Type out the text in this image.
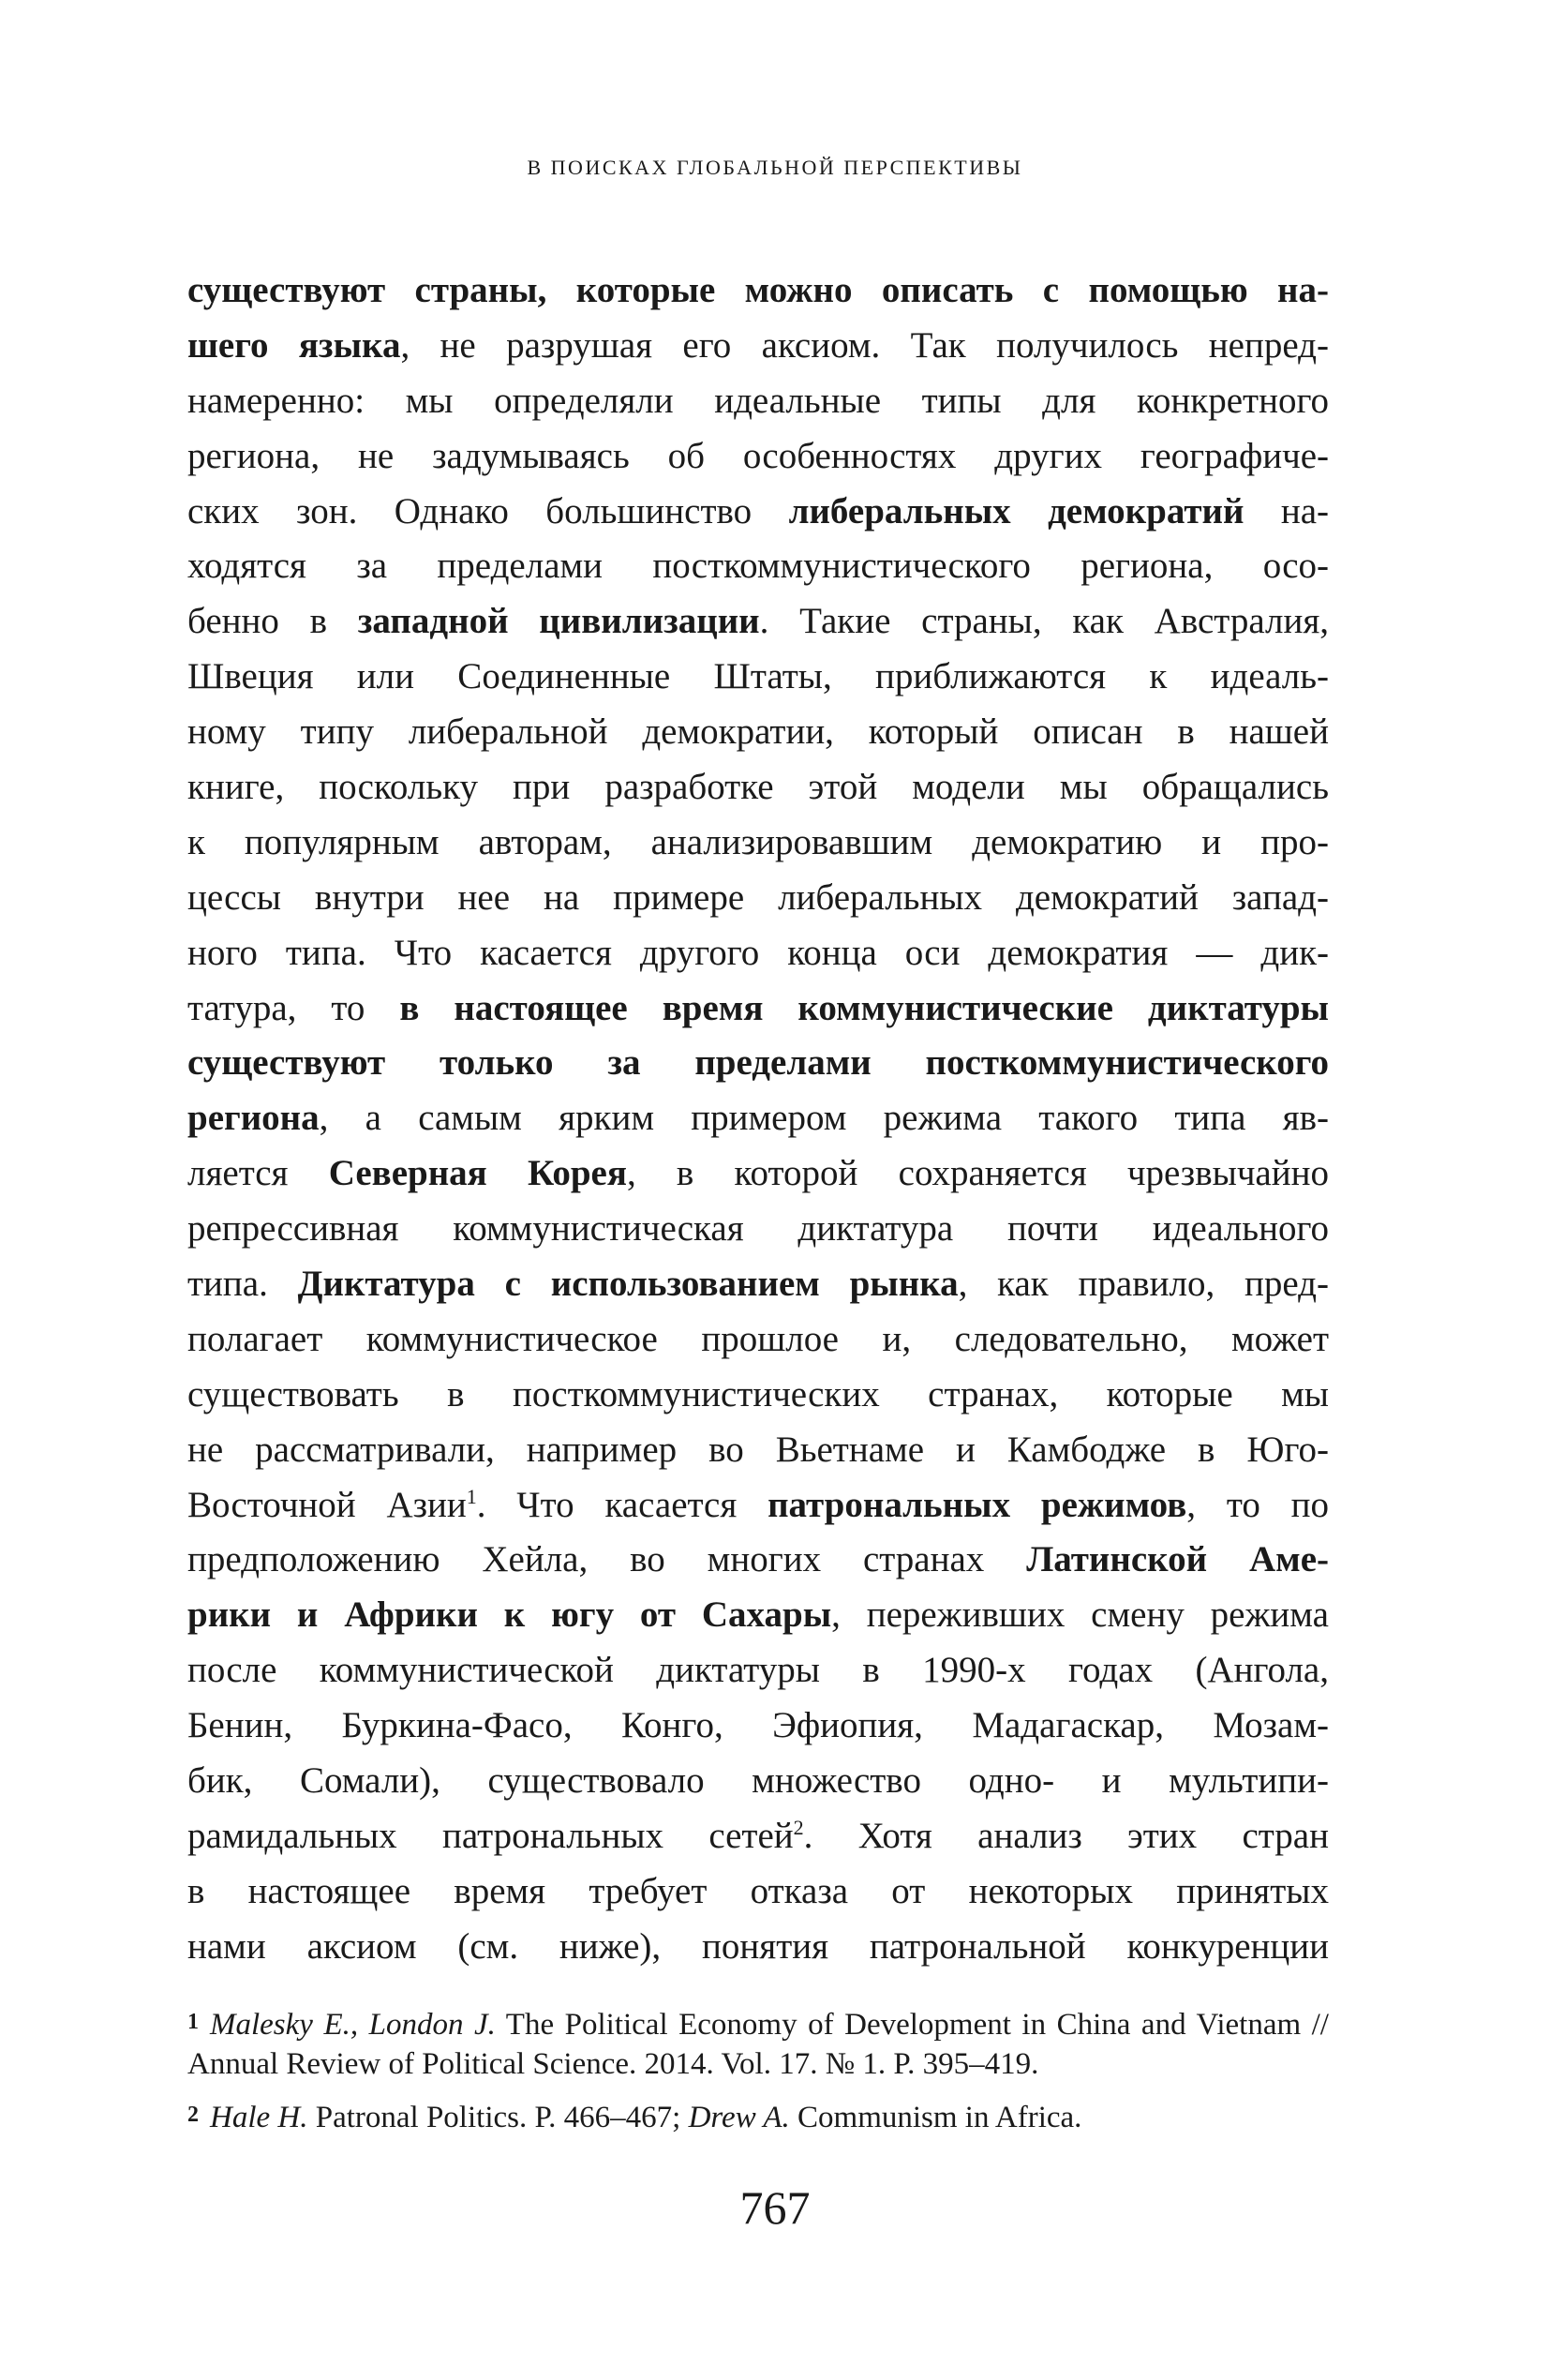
В ПОИСКАХ ГЛОБАЛЬНОЙ ПЕРСПЕКТИВЫ
существуют страны, которые можно описать с помощью на-
шего языка, не разрушая его аксиом. Так получилось непред-
намеренно: мы определяли идеальные типы для конкретного
региона, не задумываясь об особенностях других географиче-
ских зон. Однако большинство либеральных демократий на-
ходятся за пределами посткоммунистического региона, осо-
бенно в западной цивилизации. Такие страны, как Австралия,
Швеция или Соединенные Штаты, приближаются к идеаль-
ному типу либеральной демократии, который описан в нашей
книге, поскольку при разработке этой модели мы обращались
к популярным авторам, анализировавшим демократию и про-
цессы внутри нее на примере либеральных демократий запад-
ного типа. Что касается другого конца оси демократия — дик-
татура, то в настоящее время коммунистические диктатуры
существуют только за пределами посткоммунистического
региона, а самым ярким примером режима такого типа яв-
ляется Северная Корея, в которой сохраняется чрезвычайно
репрессивная коммунистическая диктатура почти идеального
типа. Диктатура с использованием рынка, как правило, пред-
полагает коммунистическое прошлое и, следовательно, может
существовать в посткоммунистических странах, которые мы
не рассматривали, например во Вьетнаме и Камбодже в Юго-
Восточной Азии$^1$. Что касается патрональных режимов, то по
предположению Хейла, во многих странах Латинской Аме-
рики и Африки к югу от Сахары, переживших смену режима
после коммунистической диктатуры в 1990-х годах (Ангола,
Бенин, Буркина-Фасо, Конго, Эфиопия, Мадагаскар, Мозам-
бик, Сомали), существовало множество одно- и мультипи-
рамидальных патрональных сетей$^2$. Хотя анализ этих стран
в настоящее время требует отказа от некоторых принятых
нами аксиом (см. ниже), понятия патрональной конкуренции
1 Malesky E., London J. The Political Economy of Development in China and Vietnam // Annual Review of Political Science. 2014. Vol. 17. № 1. P. 395–419.
2 Hale H. Patronal Politics. P. 466–467; Drew A. Communism in Africa.
767
